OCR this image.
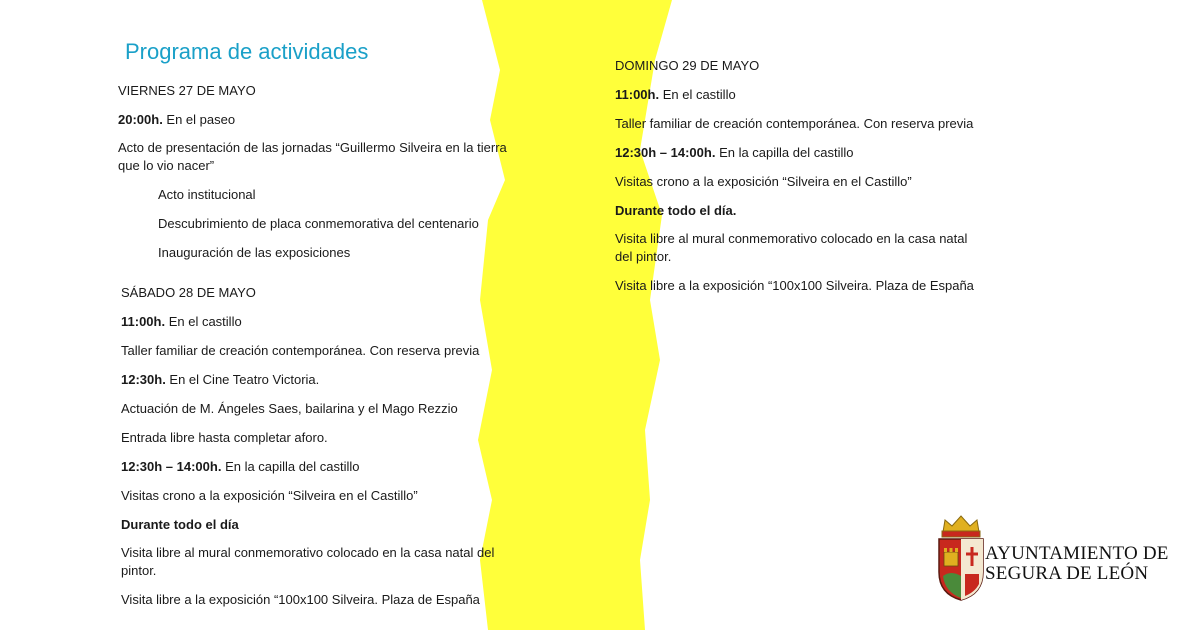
Programa de actividades

VIERNES 27 DE MAYO

20:00h. En el paseo

Acto de presentación de las jornadas “Guillermo Silveira en la tierra
que lo vio nacer”

Acto institucional

Descubrimiento de placa conmemorativa del centenario

Inauguración de las exposiciones

SÁBADO 28 DE MAYO

11:00h. En el castillo

Taller familiar de creación contemporánea. Con reserva previa

12:30h. En el Cine Teatro Victoria.

Actuación de M. Ángeles Saes, bailarina y el Mago Rezzio

Entrada libre hasta completar aforo.

12:30h – 14:00h. En la capilla del castillo

Visitas crono a la exposición “Silveira en el Castillo”

Durante todo el día

Visita libre al mural conmemorativo colocado en la casa natal del
pintor.

Visita libre a la exposición “100x100 Silveira. Plaza de España

DOMINGO 29 DE MAYO

11:00h. En el castillo

Taller familiar de creación contemporánea. Con reserva previa

12:30h – 14:00h. En la capilla del castillo

Visitas crono a la exposición “Silveira en el Castillo”

Durante todo el día.

Visita libre al mural conmemorativo colocado en la casa natal
del pintor.

Visita libre a la exposición “100x100 Silveira. Plaza de España

AYUNTAMIENTO DE
SEGURA DE LEÓN
